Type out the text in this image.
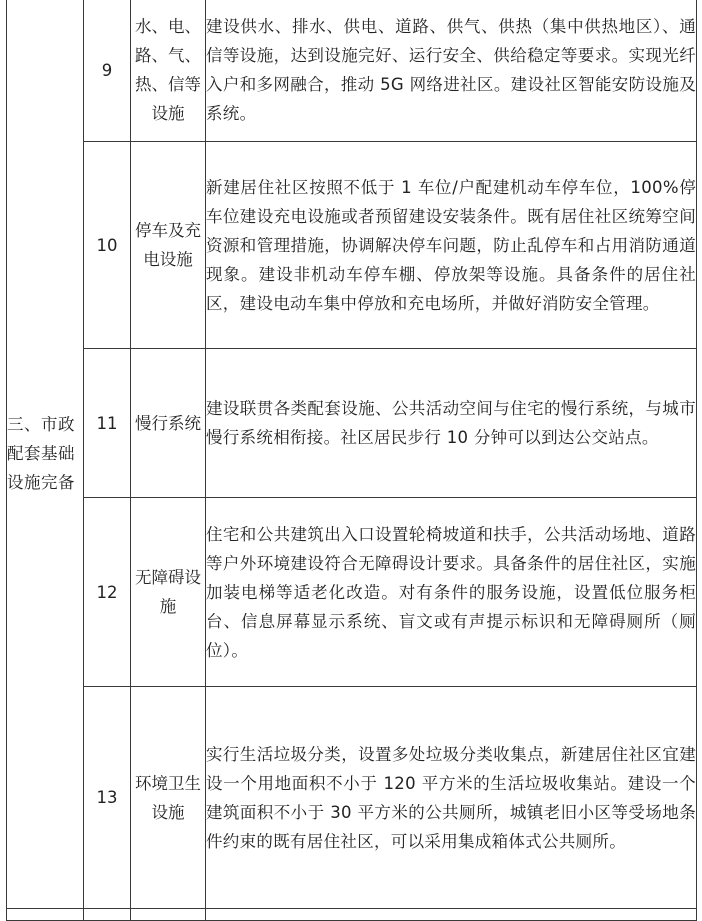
三、市政配套基础设施完备	9	水、电、路、气、热、信等设施	建设供水、排水、供电、道路、供气、供热（集中供热地区）、通信等设施，达到设施完好、运行安全、供给稳定等要求。实现光纤入户和多网融合，推动 5G 网络进社区。建设社区智能安防设施及系统。
	10	停车及充电设施	新建居住社区按照不低于 1 车位/户配建机动车停车位，100%停车位建设充电设施或者预留建设安装条件。既有居住社区统筹空间资源和管理措施，协调解决停车问题，防止乱停车和占用消防通道现象。建设非机动车停车棚、停放架等设施。具备条件的居住社区，建设电动车集中停放和充电场所，并做好消防安全管理。
	11	慢行系统	建设联贯各类配套设施、公共活动空间与住宅的慢行系统，与城市慢行系统相衔接。社区居民步行 10 分钟可以到达公交站点。
	12	无障碍设施	住宅和公共建筑出入口设置轮椅坡道和扶手，公共活动场地、道路等户外环境建设符合无障碍设计要求。具备条件的居住社区，实施加装电梯等适老化改造。对有条件的服务设施，设置低位服务柜台、信息屏幕显示系统、盲文或有声提示标识和无障碍厕所（厕位）。
	13	环境卫生设施	实行生活垃圾分类，设置多处垃圾分类收集点，新建居住社区宜建设一个用地面积不小于 120 平方米的生活垃圾收集站。建设一个建筑面积不小于 30 平方米的公共厕所，城镇老旧小区等受场地条件约束的既有居住社区，可以采用集成箱体式公共厕所。
